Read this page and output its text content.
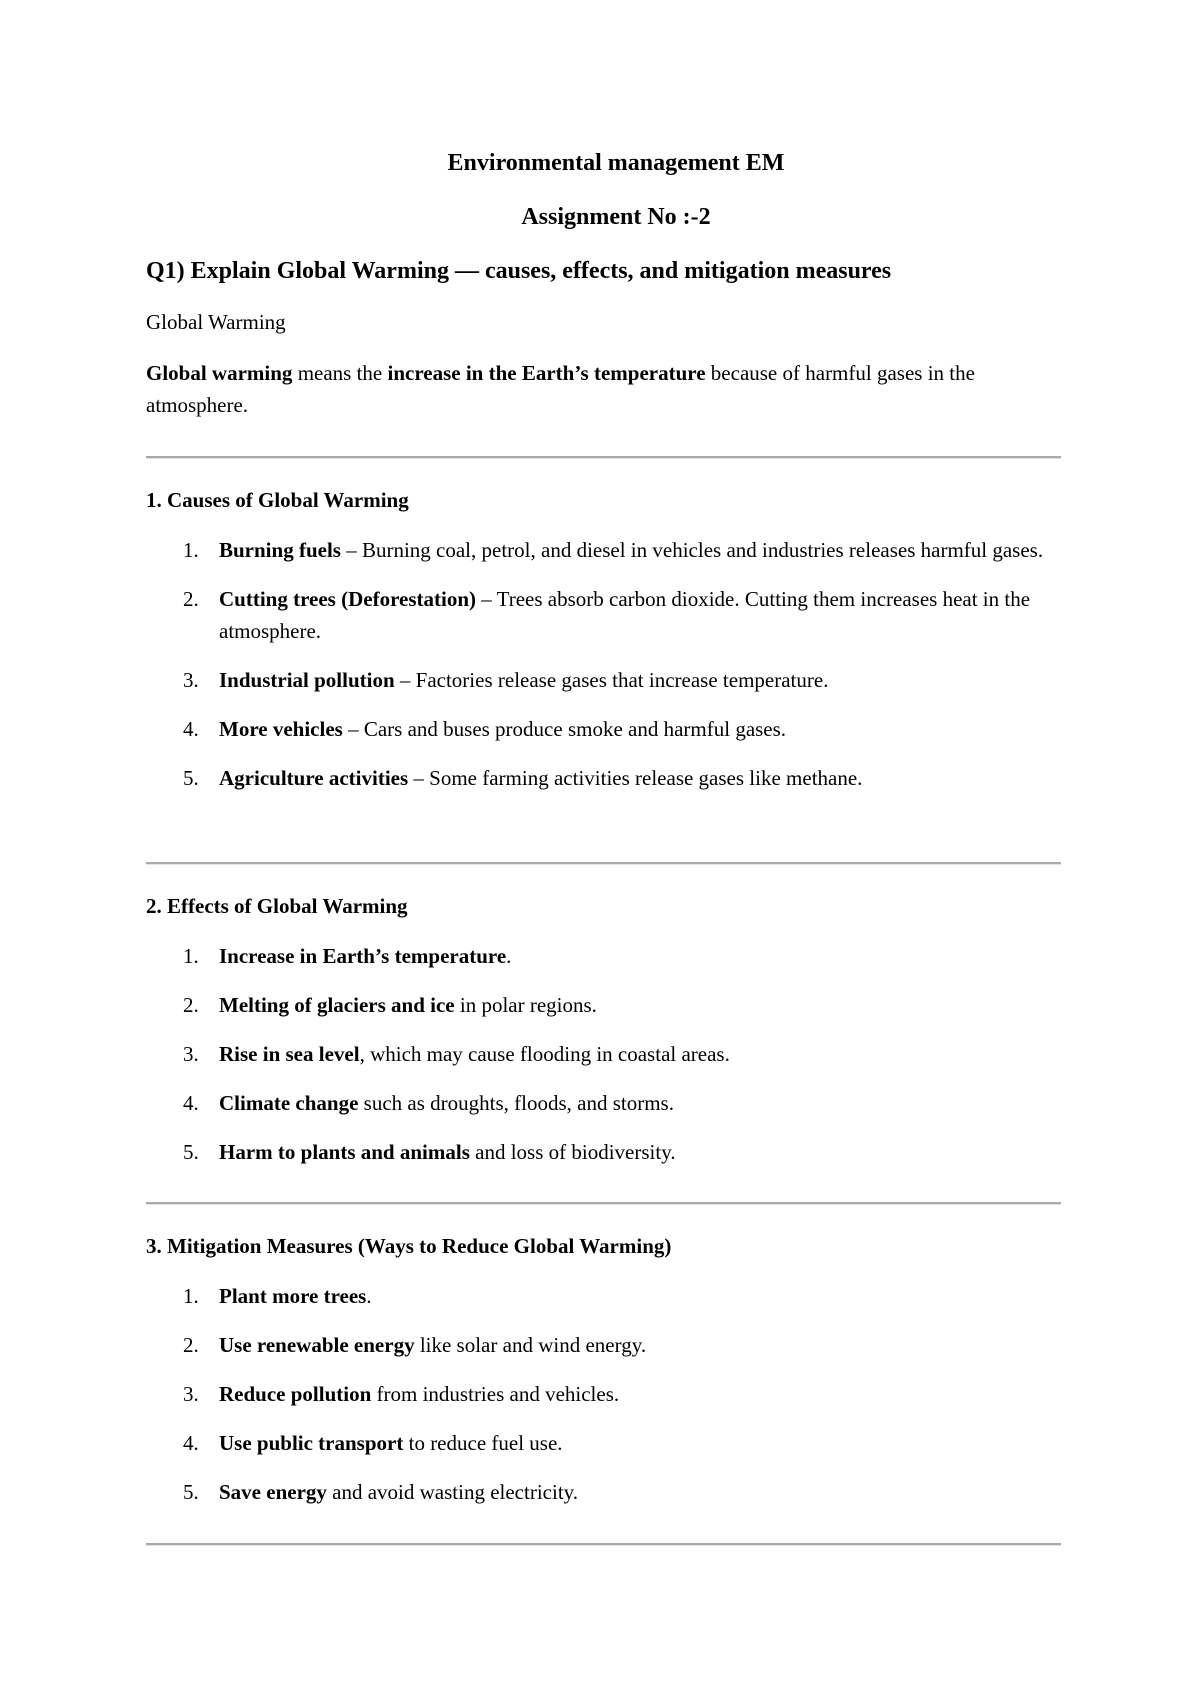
Environmental management EM
Assignment No :-2
Q1) Explain Global Warming — causes, effects, and mitigation measures
Global Warming
Global warming means the increase in the Earth’s temperature because of harmful gases in the atmosphere.
1. Causes of Global Warming
1. Burning fuels – Burning coal, petrol, and diesel in vehicles and industries releases harmful gases.
2. Cutting trees (Deforestation) – Trees absorb carbon dioxide. Cutting them increases heat in the atmosphere.
3. Industrial pollution – Factories release gases that increase temperature.
4. More vehicles – Cars and buses produce smoke and harmful gases.
5. Agriculture activities – Some farming activities release gases like methane.
2. Effects of Global Warming
1. Increase in Earth’s temperature.
2. Melting of glaciers and ice in polar regions.
3. Rise in sea level, which may cause flooding in coastal areas.
4. Climate change such as droughts, floods, and storms.
5. Harm to plants and animals and loss of biodiversity.
3. Mitigation Measures (Ways to Reduce Global Warming)
1. Plant more trees.
2. Use renewable energy like solar and wind energy.
3. Reduce pollution from industries and vehicles.
4. Use public transport to reduce fuel use.
5. Save energy and avoid wasting electricity.
